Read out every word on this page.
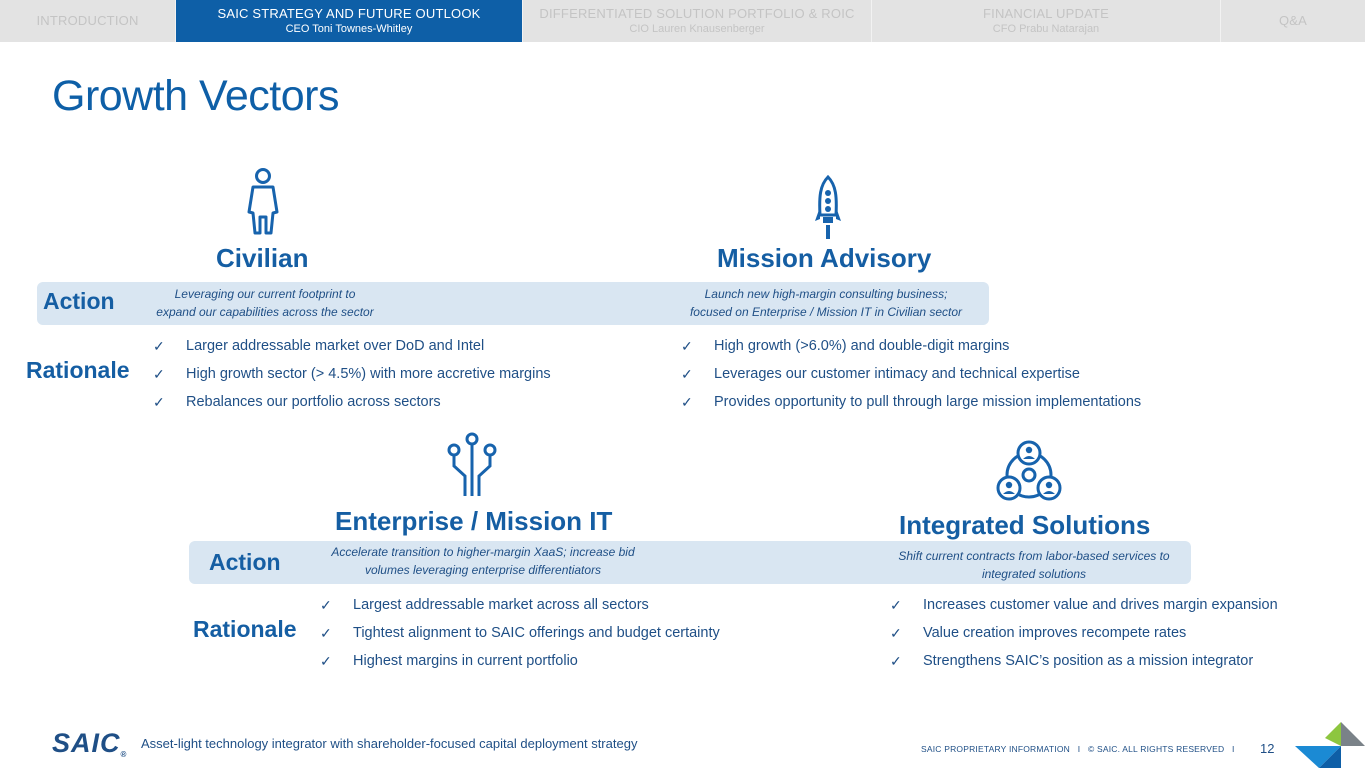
INTRODUCTION	SAIC STRATEGY AND FUTURE OUTLOOK
CEO Toni Townes-Whitley
DIFFERENTIATED SOLUTION PORTFOLIO & ROIC
CIO Lauren Knausenberger
FINANCIAL UPDATE
CFO Prabu Natarajan
Q&A
Growth Vectors
Civilian	Mission Advisory
Action	Leveraging our current footprint to
expand our capabilities across the sector
Launch new high-margin consulting business;
focused on Enterprise / Mission IT in Civilian sector
Rationale
✓ Larger addressable market over DoD and Intel
✓ High growth sector (> 4.5%) with more accretive margins
✓ Rebalances our portfolio across sectors
✓ High growth (>6.0%) and double-digit margins
✓ Leverages our customer intimacy and technical expertise
✓ Provides opportunity to pull through large mission implementations
Enterprise / Mission IT	Integrated Solutions
Action	Accelerate transition to higher-margin XaaS; increase bid
volumes leveraging enterprise differentiators
Shift current contracts from labor-based services to
integrated solutions
Rationale
✓ Largest addressable market across all sectors
✓ Tightest alignment to SAIC offerings and budget certainty
✓ Highest margins in current portfolio
✓ Increases customer value and drives margin expansion
✓ Value creation improves recompete rates
✓ Strengthens SAIC’s position as a mission integrator
SAIC®
Asset-light technology integrator with shareholder-focused capital deployment strategy	SAIC PROPRIETARY INFORMATION   I   © SAIC. ALL RIGHTS RESERVED   I 12
